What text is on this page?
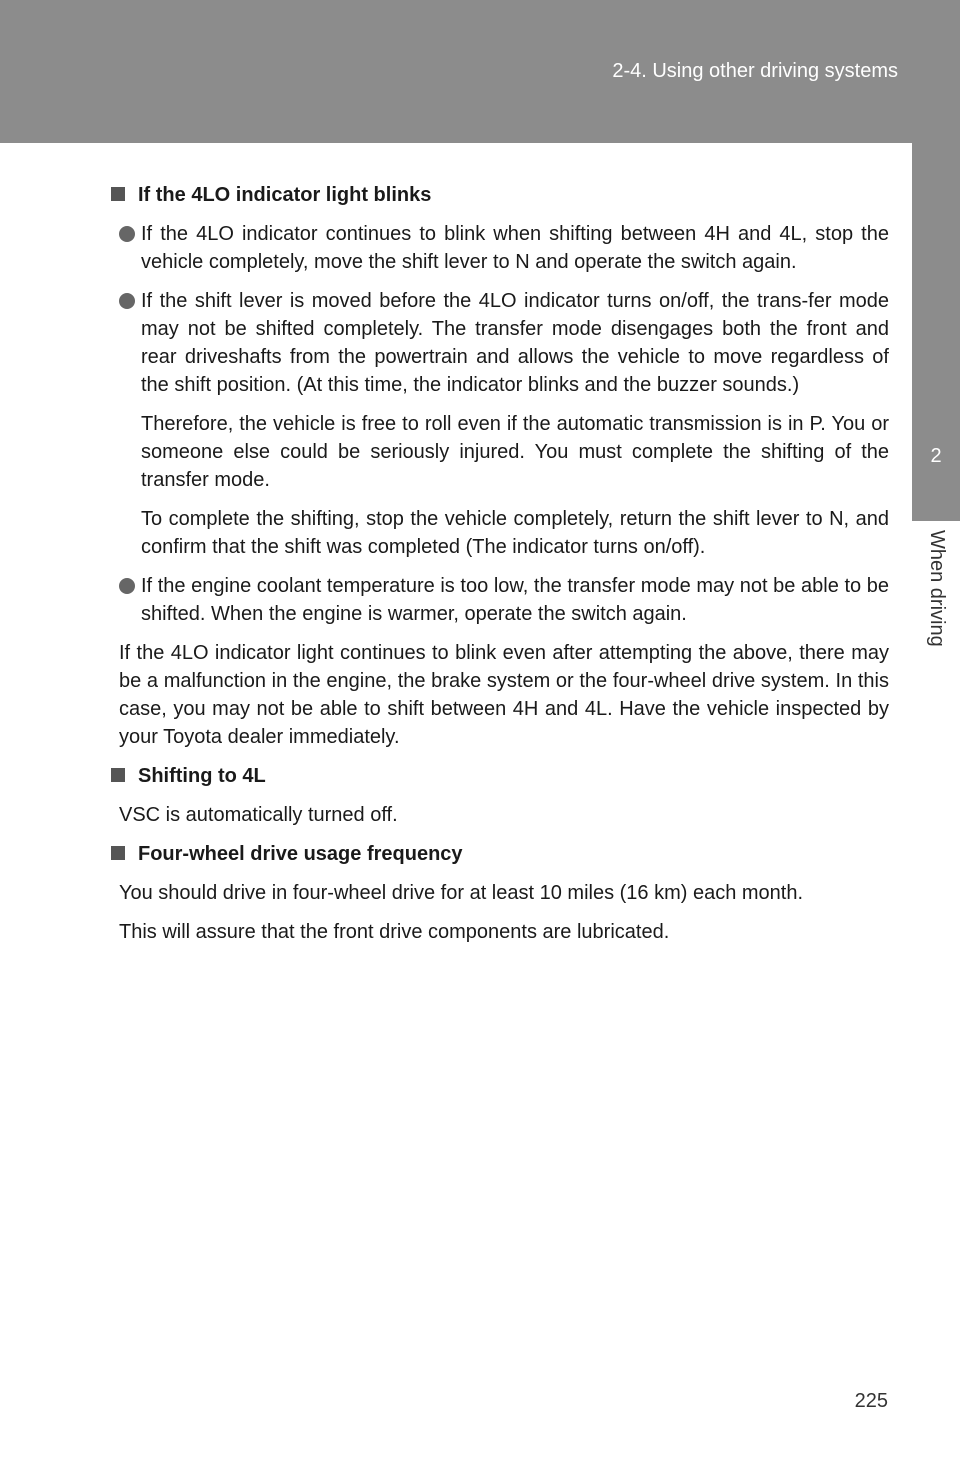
2-4. Using other driving systems
2
When driving
If the 4LO indicator light blinks
If the 4LO indicator continues to blink when shifting between 4H and 4L, stop the vehicle completely, move the shift lever to N and operate the switch again.
If the shift lever is moved before the 4LO indicator turns on/off, the trans-fer mode may not be shifted completely. The transfer mode disengages both the front and rear driveshafts from the powertrain and allows the vehicle to move regardless of the shift position. (At this time, the indicator blinks and the buzzer sounds.)
Therefore, the vehicle is free to roll even if the automatic transmission is in P. You or someone else could be seriously injured. You must complete the shifting of the transfer mode.
To complete the shifting, stop the vehicle completely, return the shift lever to N, and confirm that the shift was completed (The indicator turns on/off).
If the engine coolant temperature is too low, the transfer mode may not be able to be shifted. When the engine is warmer, operate the switch again.
If the 4LO indicator light continues to blink even after attempting the above, there may be a malfunction in the engine, the brake system or the four-wheel drive system. In this case, you may not be able to shift between 4H and 4L. Have the vehicle inspected by your Toyota dealer immediately.
Shifting to 4L
VSC is automatically turned off.
Four-wheel drive usage frequency
You should drive in four-wheel drive for at least 10 miles (16 km) each month.
This will assure that the front drive components are lubricated.
225
